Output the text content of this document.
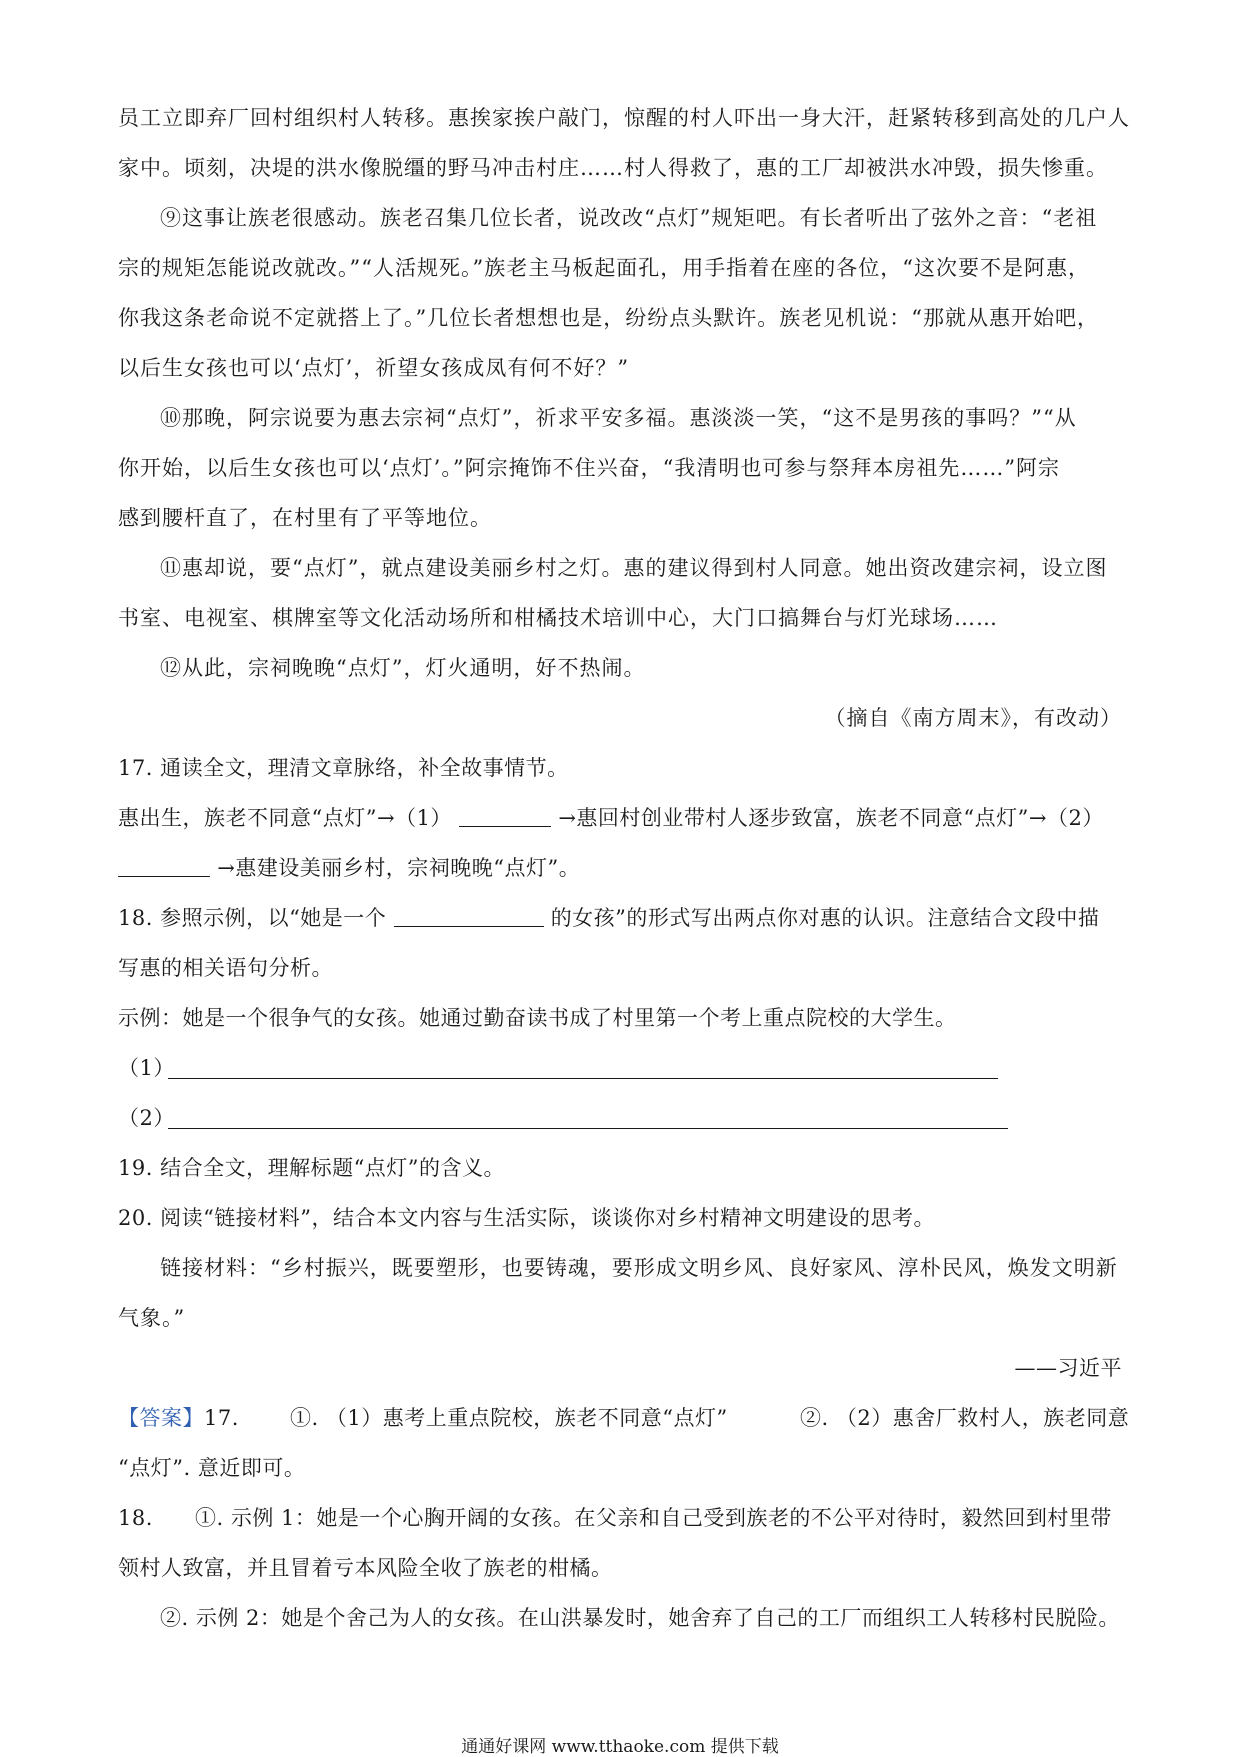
员工立即弃厂回村组织村人转移。惠挨家挨户敲门，惊醒的村人吓出一身大汗，赶紧转移到高处的几户人
家中。顷刻，决堤的洪水像脱缰的野马冲击村庄……村人得救了，惠的工厂却被洪水冲毁，损失惨重。
⑨这事让族老很感动。族老召集几位长者，说改改“点灯”规矩吧。有长者听出了弦外之音：“老祖
宗的规矩怎能说改就改。”“人活规死。”族老主马板起面孔，用手指着在座的各位，“这次要不是阿惠，
你我这条老命说不定就搭上了。”几位长者想想也是，纷纷点头默许。族老见机说：“那就从惠开始吧，
以后生女孩也可以‘点灯’，祈望女孩成凤有何不好？”
⑩那晚，阿宗说要为惠去宗祠“点灯”，祈求平安多福。惠淡淡一笑，“这不是男孩的事吗？”“从
你开始，以后生女孩也可以‘点灯’。”阿宗掩饰不住兴奋，“我清明也可参与祭拜本房祖先……”阿宗
感到腰杆直了，在村里有了平等地位。
⑪惠却说，要“点灯”，就点建设美丽乡村之灯。惠的建议得到村人同意。她出资改建宗祠，设立图
书室、电视室、棋牌室等文化活动场所和柑橘技术培训中心，大门口搞舞台与灯光球场……
⑫从此，宗祠晚晚“点灯”，灯火通明，好不热闹。
（摘自《南方周末》，有改动）
17. 通读全文，理清文章脉络，补全故事情节。
惠出生，族老不同意“点灯”→（1）	→惠回村创业带村人逐步致富，族老不同意“点灯”→（2）
→惠建设美丽乡村，宗祠晚晚“点灯”。
18. 参照示例，以“她是一个	的女孩”的形式写出两点你对惠的认识。注意结合文段中描
写惠的相关语句分析。
示例：她是一个很争气的女孩。她通过勤奋读书成了村里第一个考上重点院校的大学生。
（1）
（2）
19. 结合全文，理解标题“点灯”的含义。
20. 阅读“链接材料”，结合本文内容与生活实际，谈谈你对乡村精神文明建设的思考。
链接材料：“乡村振兴，既要塑形，也要铸魂，要形成文明乡风、良好家风、淳朴民风，焕发文明新
气象。”
——习近平
【答案】17. ①. （1）惠考上重点院校，族老不同意“点灯”	②. （2）惠舍厂救村人，族老同意
“点灯”. 意近即可。
18. ①. 示例 1：她是一个心胸开阔的女孩。在父亲和自己受到族老的不公平对待时，毅然回到村里带
领村人致富，并且冒着亏本风险全收了族老的柑橘。
②. 示例 2：她是个舍己为人的女孩。在山洪暴发时，她舍弃了自己的工厂而组织工人转移村民脱险。
通通好课网 www.tthaoke.com 提供下载
